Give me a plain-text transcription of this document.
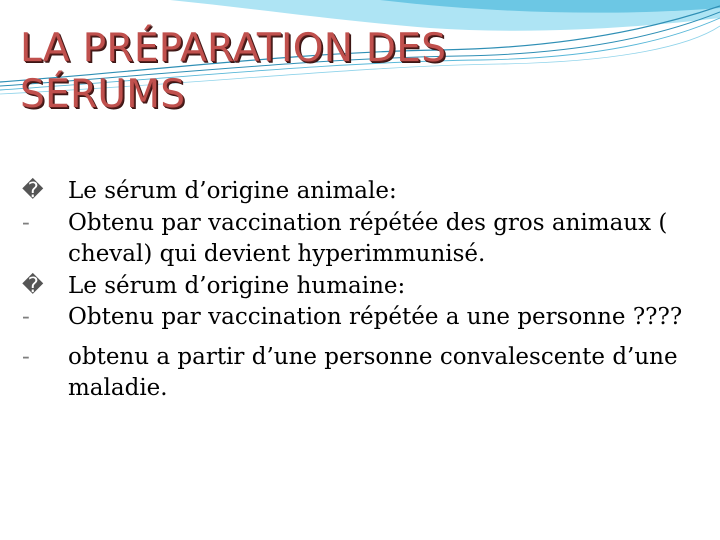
LA PRÉPARATION DES
SÉRUMS
�	Le sérum d’origine animale:
-	Obtenu par vaccination répétée des gros animaux ( cheval) qui devient hyperimmunisé.
�	Le sérum d’origine humaine:
-	Obtenu par vaccination répétée a une personne ????
-	obtenu a partir d’une personne convalescente d’une maladie.
